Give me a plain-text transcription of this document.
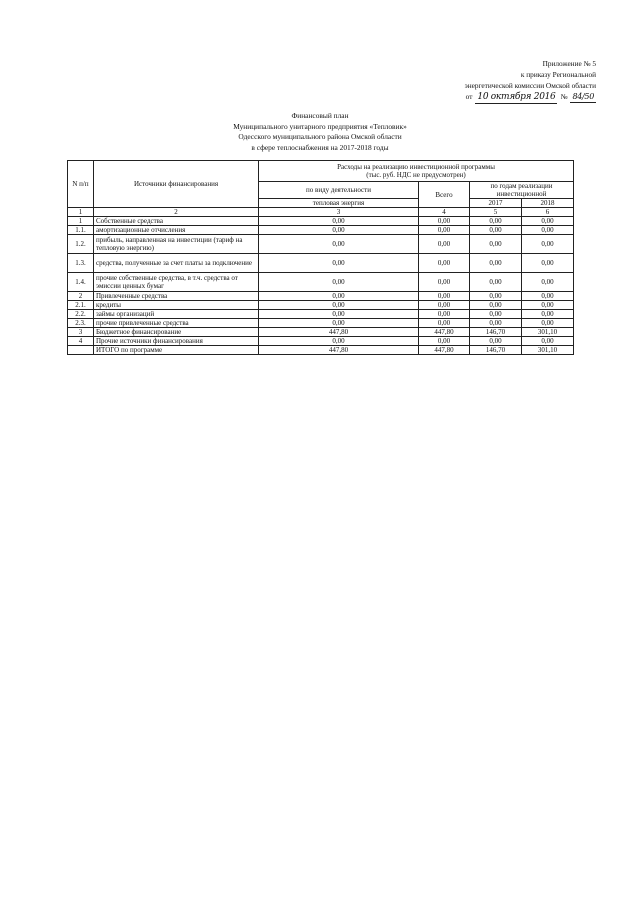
Приложение № 5
к приказу Региональной
энергетической комиссии Омской области
от 10 октября 2016 № 84/50
Финансовый план
Муниципального унитарного предприятия «Тепловик»
Одесского муниципального района Омской области
в сфере теплоснабжения на 2017-2018 годы
N п/п	Источники финансирования	Расходы на реализацию инвестиционной программы
(тыс. руб. НДС не предусмотрен)			

		по виду деятельности	Всего	по годам реализации инвестиционной	
		тепловая энергия		2017	2018
1	2	3	4	5	6
1	Собственные средства	0,00	0,00	0,00	0,00
1.1.	амортизационные отчисления	0,00	0,00	0,00	0,00
1.2.	прибыль, направленная на инвестиции (тариф на тепловую энергию)	0,00	0,00	0,00	0,00
1.3.	средства, полученные за счет платы за подключение	0,00	0,00	0,00	0,00
1.4.	прочие собственные средства, в т.ч. средства от эмиссии ценных бумаг	0,00	0,00	0,00	0,00
2	Привлеченные средства	0,00	0,00	0,00	0,00
2.1.	кредиты	0,00	0,00	0,00	0,00
2.2.	займы организаций	0,00	0,00	0,00	0,00
2.3.	прочие привлеченные средства	0,00	0,00	0,00	0,00
3	Бюджетное финансирование	447,80	447,80	146,70	301,10
4	Прочие источники финансирования	0,00	0,00	0,00	0,00
	ИТОГО по программе	447,80	447,80	146,70	301,10
